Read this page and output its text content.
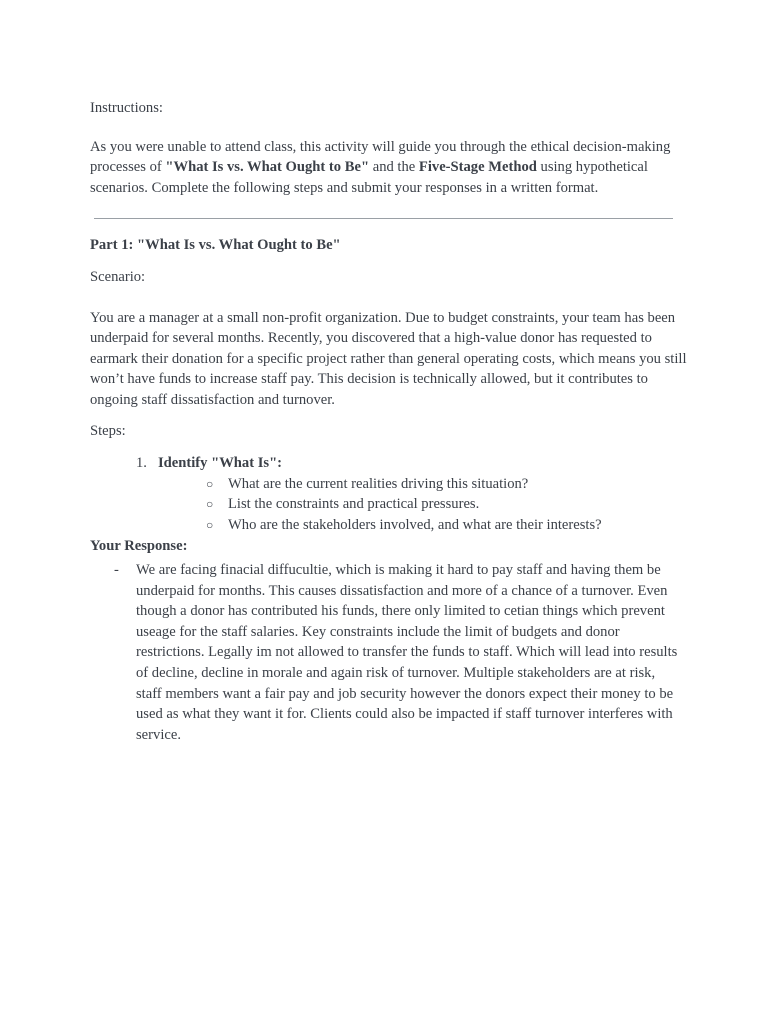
Instructions:

As you were unable to attend class, this activity will guide you through the ethical decision-making processes of "What Is vs. What Ought to Be" and the Five-Stage Method using hypothetical scenarios. Complete the following steps and submit your responses in a written format.

Part 1: "What Is vs. What Ought to Be"

Scenario:

You are a manager at a small non-profit organization. Due to budget constraints, your team has been underpaid for several months. Recently, you discovered that a high-value donor has requested to earmark their donation for a specific project rather than general operating costs, which means you still won’t have funds to increase staff pay. This decision is technically allowed, but it contributes to ongoing staff dissatisfaction and turnover.

Steps:

1. Identify "What Is":
○ What are the current realities driving this situation?
○ List the constraints and practical pressures.
○ Who are the stakeholders involved, and what are their interests?

Your Response:

- We are facing finacial diffucultie, which is making it hard to pay staff and having them be underpaid for months. This causes dissatisfaction and more of a chance of a turnover. Even though a donor has contributed his funds, there only limited to cetian things which prevent useage for the staff salaries. Key constraints include the limit of budgets and donor restrictions. Legally im not allowed to transfer the funds to staff. Which will lead into results of decline, decline in morale and again risk of turnover. Multiple stakeholders are at risk, staff members want a fair pay and job security however the donors expect their money to be used as what they want it for. Clients could also be impacted if staff turnover interferes with service.
